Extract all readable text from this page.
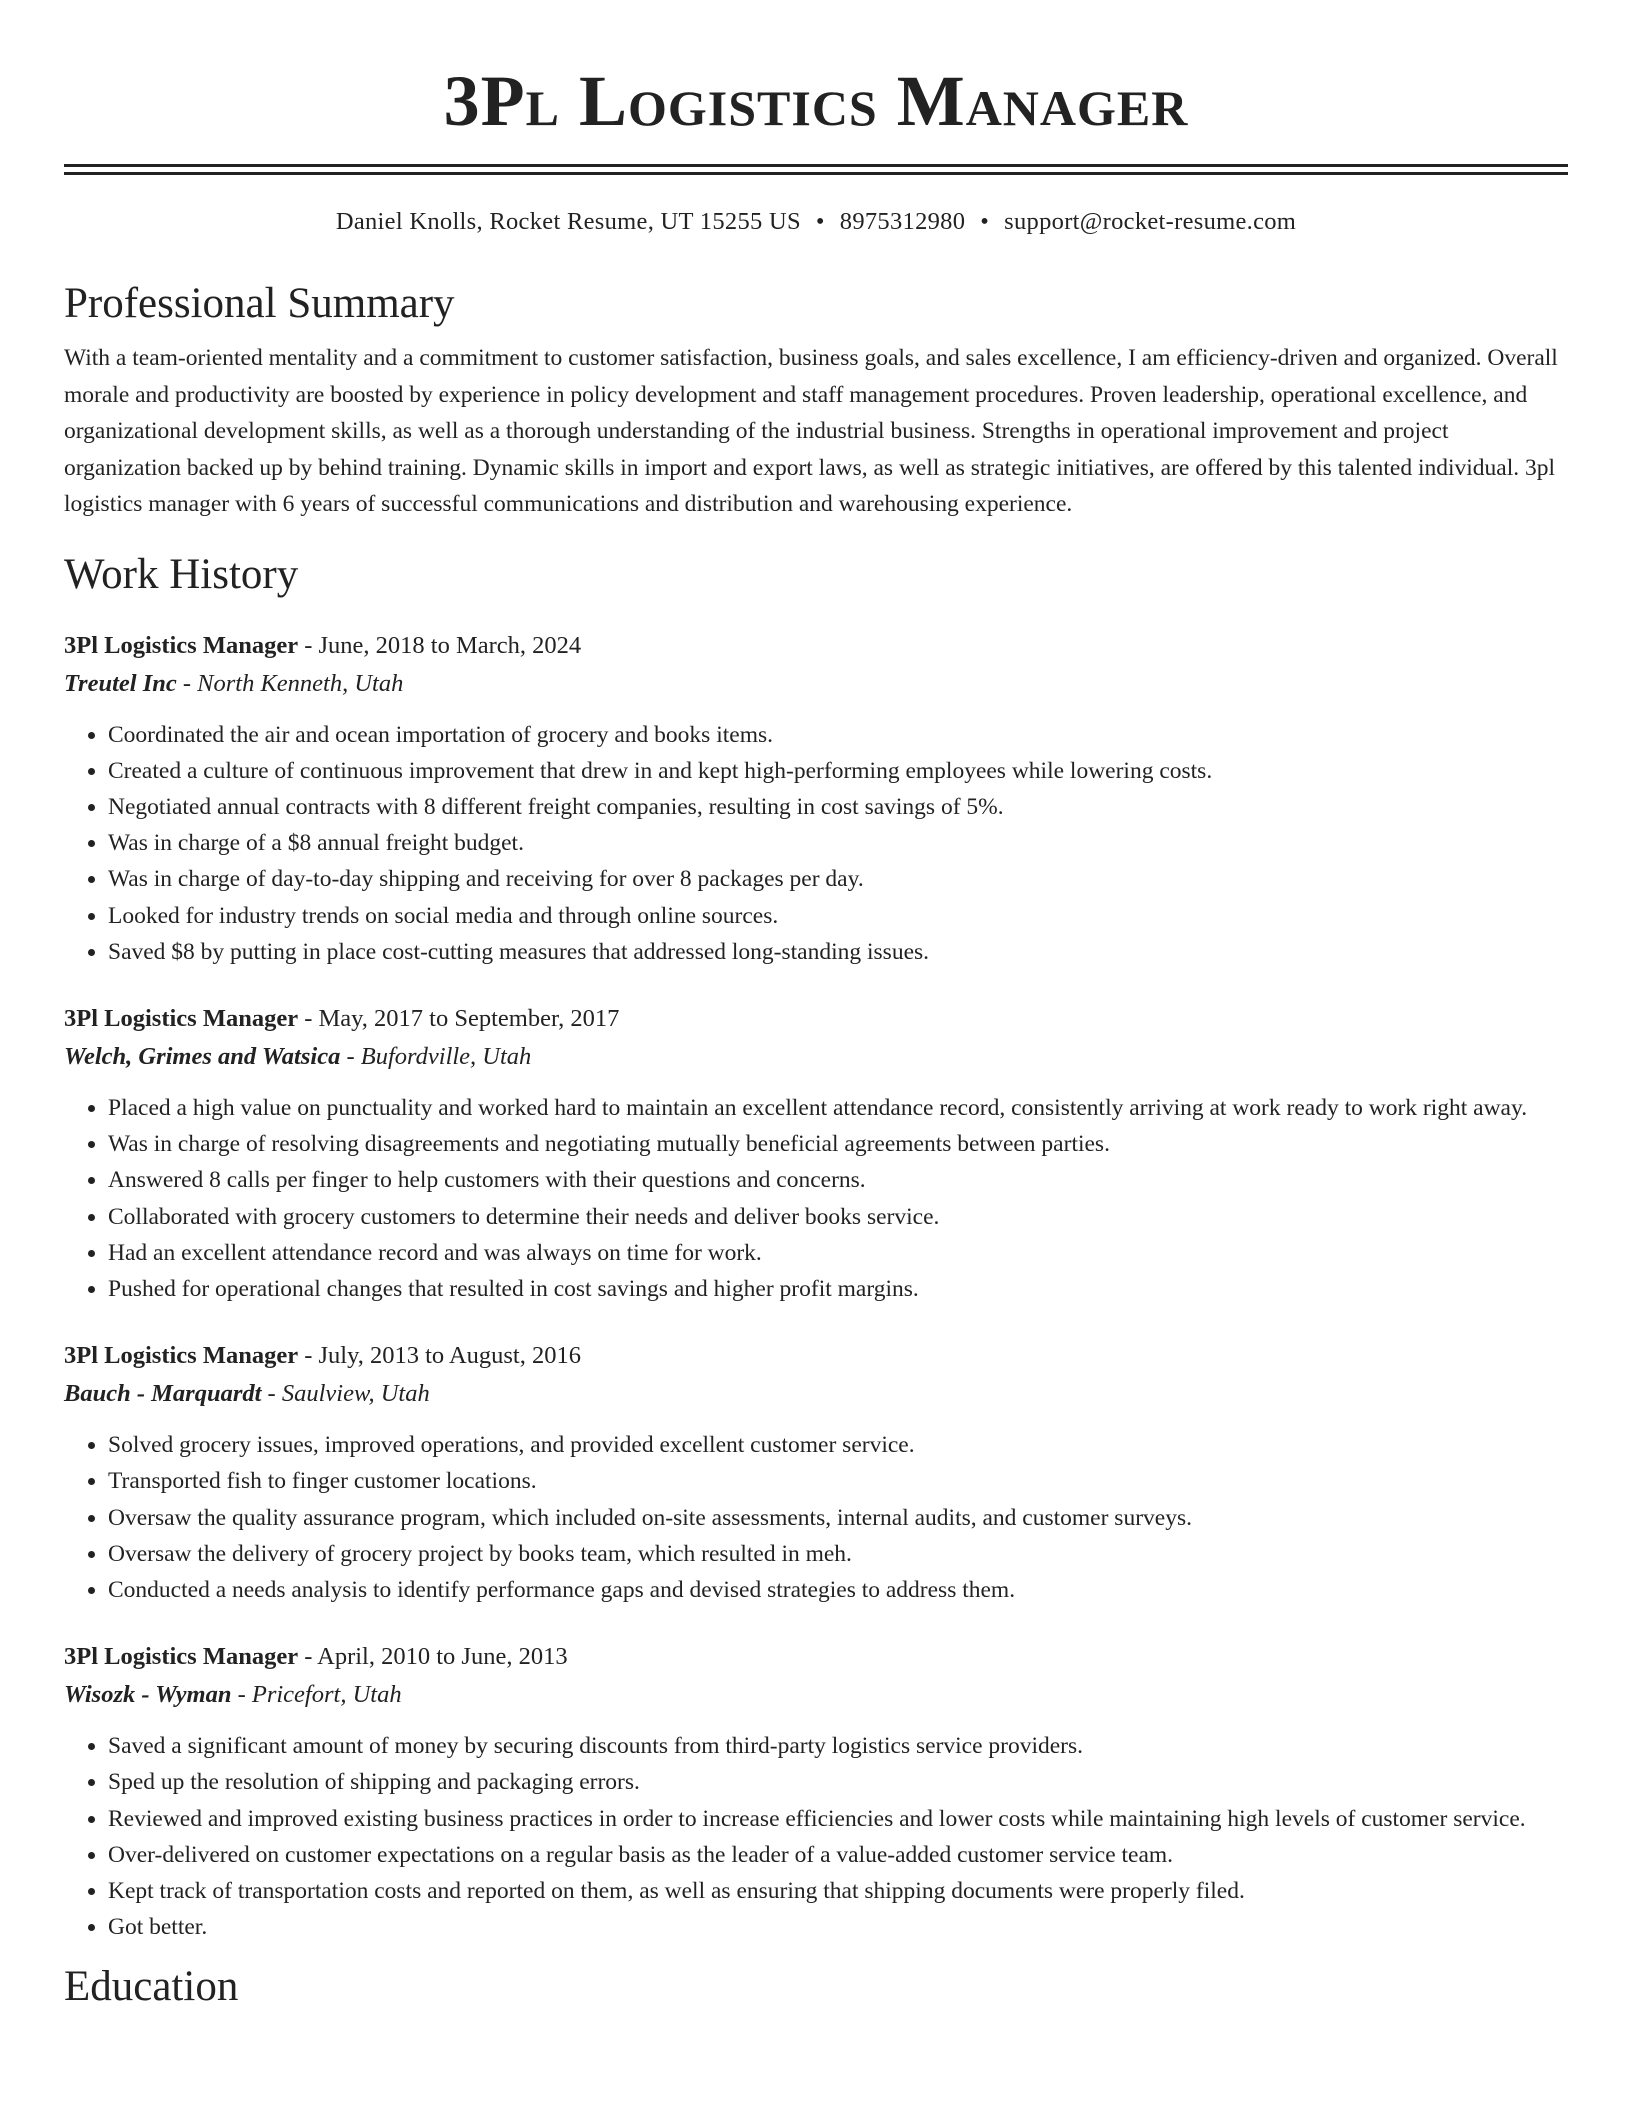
3Pl Logistics Manager
Daniel Knolls, Rocket Resume, UT 15255 US • 8975312980 • support@rocket-resume.com
Professional Summary

With a team-oriented mentality and a commitment to customer satisfaction, business goals, and sales excellence, I am efficiency-driven and organized. Overall morale and productivity are boosted by experience in policy development and staff management procedures. Proven leadership, operational excellence, and organizational development skills, as well as a thorough understanding of the industrial business. Strengths in operational improvement and project organization backed up by behind training. Dynamic skills in import and export laws, as well as strategic initiatives, are offered by this talented individual. 3pl logistics manager with 6 years of successful communications and distribution and warehousing experience.

Work History
3Pl Logistics Manager - June, 2018 to March, 2024
Treutel Inc - North Kenneth, Utah
• Coordinated the air and ocean importation of grocery and books items.
• Created a culture of continuous improvement that drew in and kept high-performing employees while lowering costs.
• Negotiated annual contracts with 8 different freight companies, resulting in cost savings of 5%.
• Was in charge of a $8 annual freight budget.
• Was in charge of day-to-day shipping and receiving for over 8 packages per day.
• Looked for industry trends on social media and through online sources.
• Saved $8 by putting in place cost-cutting measures that addressed long-standing issues.
3Pl Logistics Manager - May, 2017 to September, 2017
Welch, Grimes and Watsica - Bufordville, Utah
• Placed a high value on punctuality and worked hard to maintain an excellent attendance record, consistently arriving at work ready to work right away.
• Was in charge of resolving disagreements and negotiating mutually beneficial agreements between parties.
• Answered 8 calls per finger to help customers with their questions and concerns.
• Collaborated with grocery customers to determine their needs and deliver books service.
• Had an excellent attendance record and was always on time for work.
• Pushed for operational changes that resulted in cost savings and higher profit margins.
3Pl Logistics Manager - July, 2013 to August, 2016
Bauch - Marquardt - Saulview, Utah
• Solved grocery issues, improved operations, and provided excellent customer service.
• Transported fish to finger customer locations.
• Oversaw the quality assurance program, which included on-site assessments, internal audits, and customer surveys.
• Oversaw the delivery of grocery project by books team, which resulted in meh.
• Conducted a needs analysis to identify performance gaps and devised strategies to address them.
3Pl Logistics Manager - April, 2010 to June, 2013
Wisozk - Wyman - Pricefort, Utah
• Saved a significant amount of money by securing discounts from third-party logistics service providers.
• Sped up the resolution of shipping and packaging errors.
• Reviewed and improved existing business practices in order to increase efficiencies and lower costs while maintaining high levels of customer service.
• Over-delivered on customer expectations on a regular basis as the leader of a value-added customer service team.
• Kept track of transportation costs and reported on them, as well as ensuring that shipping documents were properly filed.
• Got better.
Education
